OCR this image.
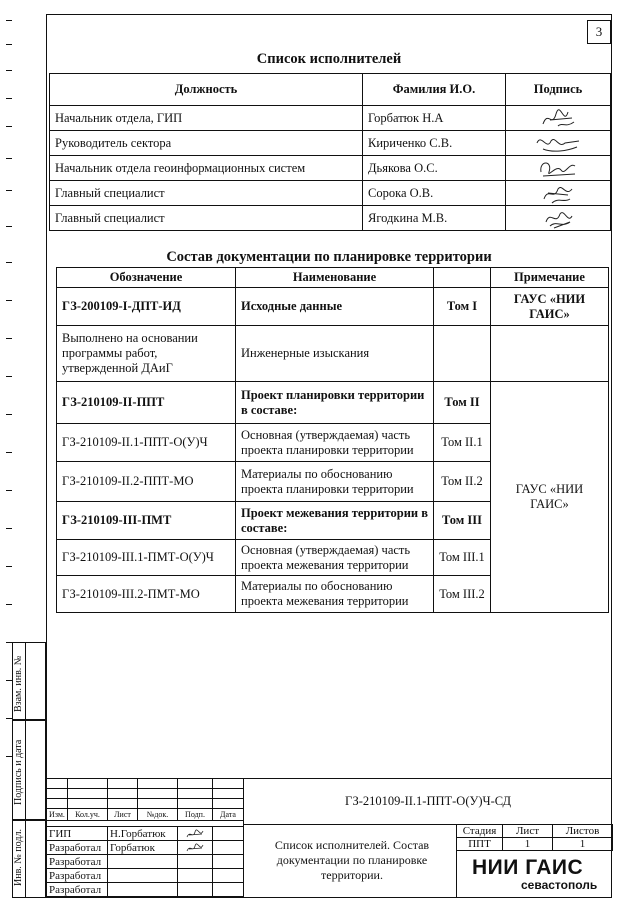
3
Список исполнителей
Должность	Фамилия И.О.	Подпись
Начальник отдела, ГИП	Горбатюк Н.А	

Руководитель сектора	Кириченко С.В.	

Начальник отдела геоинформационных систем	Дьякова О.С.	

Главный специалист	Сорока О.В.	

Главный специалист	Ягодкина М.В.	
Состав документации по планировке территории
Обозначение	Наименование		Примечание
ГЗ-200109-I-ДПТ-ИД	Исходные данные	Том I	ГАУС «НИИ ГАИС»
Выполнено на основании программы работ, утвержденной ДАиГ	Инженерные изыскания		
ГЗ-210109-II-ППТ	Проект планировки территории в составе:	Том II	ГАУС «НИИ ГАИС»
ГЗ-210109-II.1-ППТ-О(У)Ч	Основная (утверждаемая) часть проекта планировки территории	Том II.1	
ГЗ-210109-II.2-ППТ-МО	Материалы по обоснованию проекта планировки территории	Том II.2	
ГЗ-210109-III-ПМТ	Проект межевания территории в составе:	Том III	
ГЗ-210109-III.1-ПМТ-О(У)Ч	Основная (утверждаемая) часть проекта межевания территории	Том III.1	
ГЗ-210109-III.2-ПМТ-МО	Материалы по обоснованию проекта межевания территории	Том III.2	
Взам. инв. №
Подпись и дата
Инв. № подл.
ГЗ-210109-II.1-ППТ-О(У)Ч-СД

Изм.	Кол.уч.	Лист	№док.	Подп.	Дата
ГИП	Н.Горбатюк	

Разработал	Горбатюк	

Разработал			
Разработал			
Разработал			
Список исполнителей. Состав документации по планировке территории.
Стадия	Лист	Листов
ППТ	1	1
НИИ ГАИС
севастополь
